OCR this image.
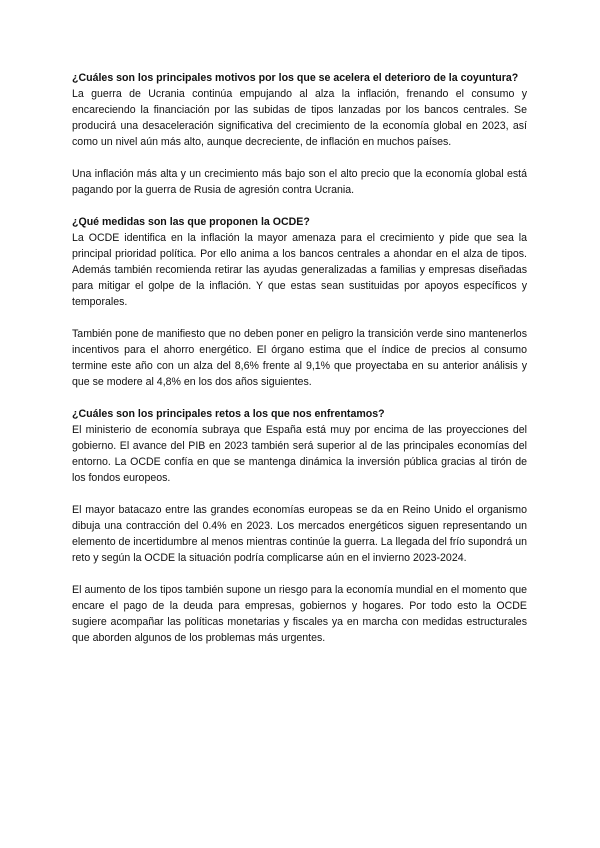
¿Cuáles son los principales motivos por los que se acelera el deterioro de la coyuntura?

La guerra de Ucrania continúa empujando al alza la inflación, frenando el consumo y encareciendo la financiación por las subidas de tipos lanzadas por los bancos centrales. Se producirá una desaceleración significativa del crecimiento de la economía global en 2023, así como un nivel aún más alto, aunque decreciente, de inflación en muchos países.

Una inflación más alta y un crecimiento más bajo son el alto precio que la economía global está pagando por la guerra de Rusia de agresión contra Ucrania.

¿Qué medidas son las que proponen la OCDE?

La OCDE identifica en la inflación la mayor amenaza para el crecimiento y pide que sea la principal prioridad política. Por ello anima a los bancos centrales a ahondar en el alza de tipos. Además también recomienda retirar las ayudas generalizadas a familias y empresas diseñadas para mitigar el golpe de la inflación. Y que estas sean sustituidas por apoyos específicos y temporales.

También pone de manifiesto que no deben poner en peligro la transición verde sino mantenerlos incentivos para el ahorro energético. El órgano estima que el índice de precios al consumo termine este año con un alza del 8,6% frente al 9,1% que proyectaba en su anterior análisis y que se modere al 4,8% en los dos años siguientes.

¿Cuáles son los principales retos a los que nos enfrentamos?

El ministerio de economía subraya que España está muy por encima de las proyecciones del gobierno. El avance del PIB en 2023 también será superior al de las principales economías del entorno. La OCDE confía en que se mantenga dinámica la inversión pública gracias al tirón de los fondos europeos.

El mayor batacazo entre las grandes economías europeas se da en Reino Unido el organismo dibuja una contracción del 0.4% en 2023. Los mercados energéticos siguen representando un elemento de incertidumbre al menos mientras continúe la guerra. La llegada del frío supondrá un reto y según la OCDE la situación podría complicarse aún en el invierno 2023-2024.

El aumento de los tipos también supone un riesgo para la economía mundial en el momento que encare el pago de la deuda para empresas, gobiernos y hogares. Por todo esto la OCDE sugiere acompañar las políticas monetarias y fiscales ya en marcha con medidas estructurales que aborden algunos de los problemas más urgentes.
